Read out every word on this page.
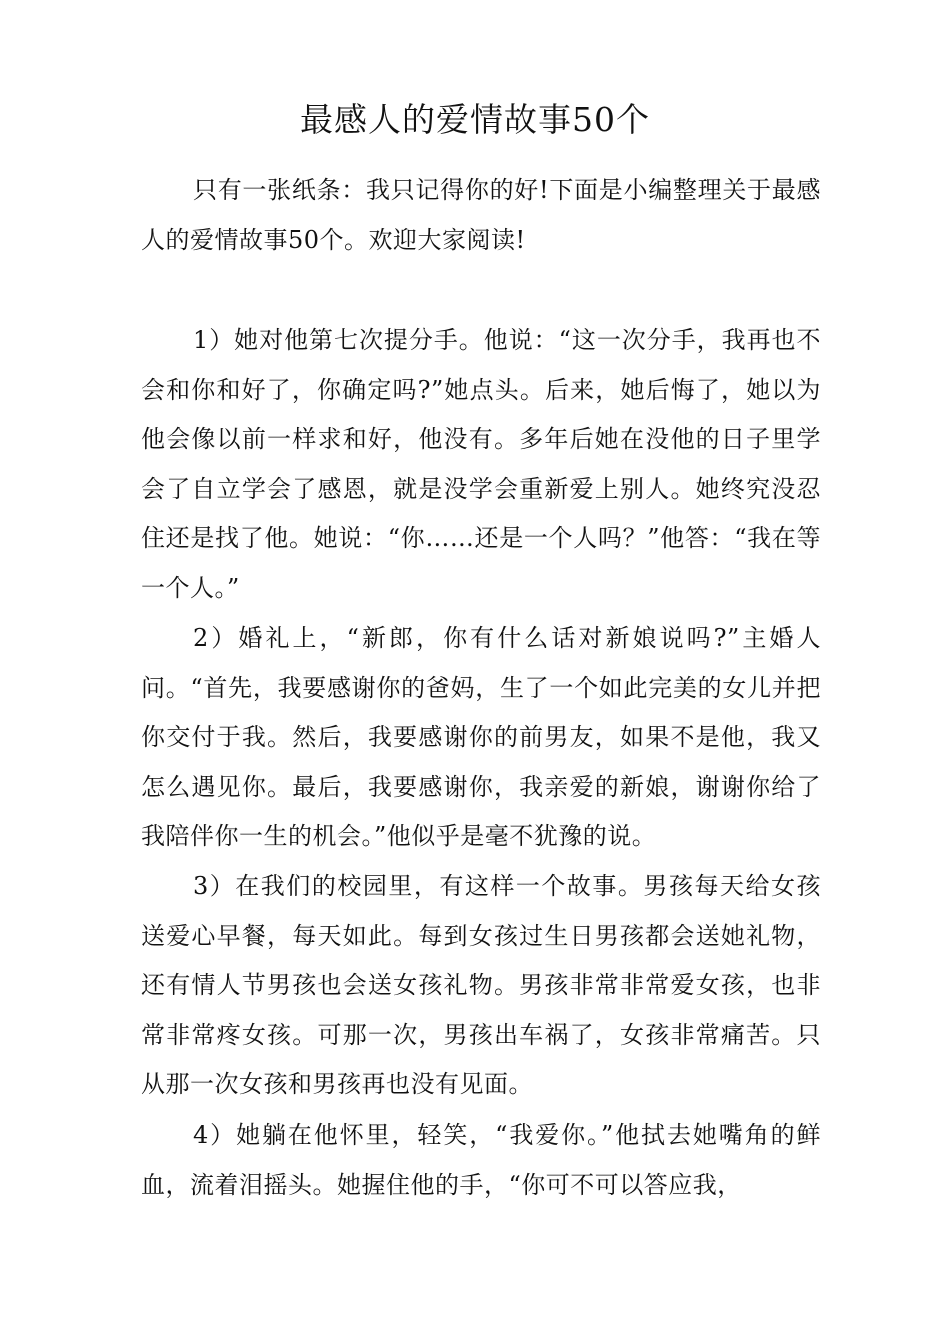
最感人的爱情故事50个

只有一张纸条：我只记得你的好!下面是小编整理关于最感人的爱情故事50个。欢迎大家阅读!

1）她对他第七次提分手。他说：“这一次分手，我再也不会和你和好了，你确定吗?”她点头。后来，她后悔了，她以为他会像以前一样求和好，他没有。多年后她在没他的日子里学会了自立学会了感恩，就是没学会重新爱上别人。她终究没忍住还是找了他。她说：“你……还是一个人吗？”他答：“我在等一个人。”

2）婚礼上，“新郎，你有什么话对新娘说吗?”主婚人问。“首先，我要感谢你的爸妈，生了一个如此完美的女儿并把你交付于我。然后，我要感谢你的前男友，如果不是他，我又怎么遇见你。最后，我要感谢你，我亲爱的新娘，谢谢你给了我陪伴你一生的机会。”他似乎是毫不犹豫的说。

3）在我们的校园里，有这样一个故事。男孩每天给女孩送爱心早餐，每天如此。每到女孩过生日男孩都会送她礼物，还有情人节男孩也会送女孩礼物。男孩非常非常爱女孩，也非常非常疼女孩。可那一次，男孩出车祸了，女孩非常痛苦。只从那一次女孩和男孩再也没有见面。

4）她躺在他怀里，轻笑，“我爱你。”他拭去她嘴角的鲜血，流着泪摇头。她握住他的手，“你可不可以答应我，
